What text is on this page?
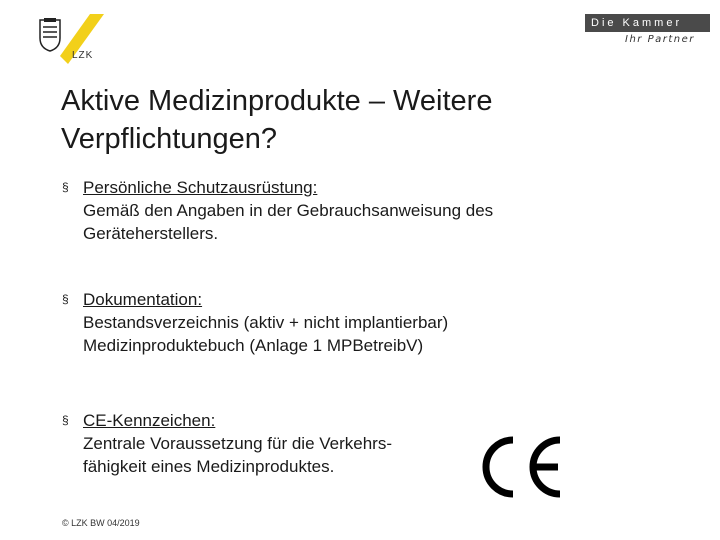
LZK
Die Kammer
Ihr Partner
Aktive Medizinprodukte – Weitere
Verpflichtungen?
§ Persönliche Schutzausrüstung:
Gemäß den Angaben in der Gebrauchsanweisung des
Geräteherstellers.
§ Dokumentation:
Bestandsverzeichnis (aktiv + nicht implantierbar)
Medizinproduktebuch (Anlage 1 MPBetreibV)
§ CE-Kennzeichen:
Zentrale Voraussetzung für die Verkehrs-
fähigkeit eines Medizinproduktes.
© LZK BW 04/2019
